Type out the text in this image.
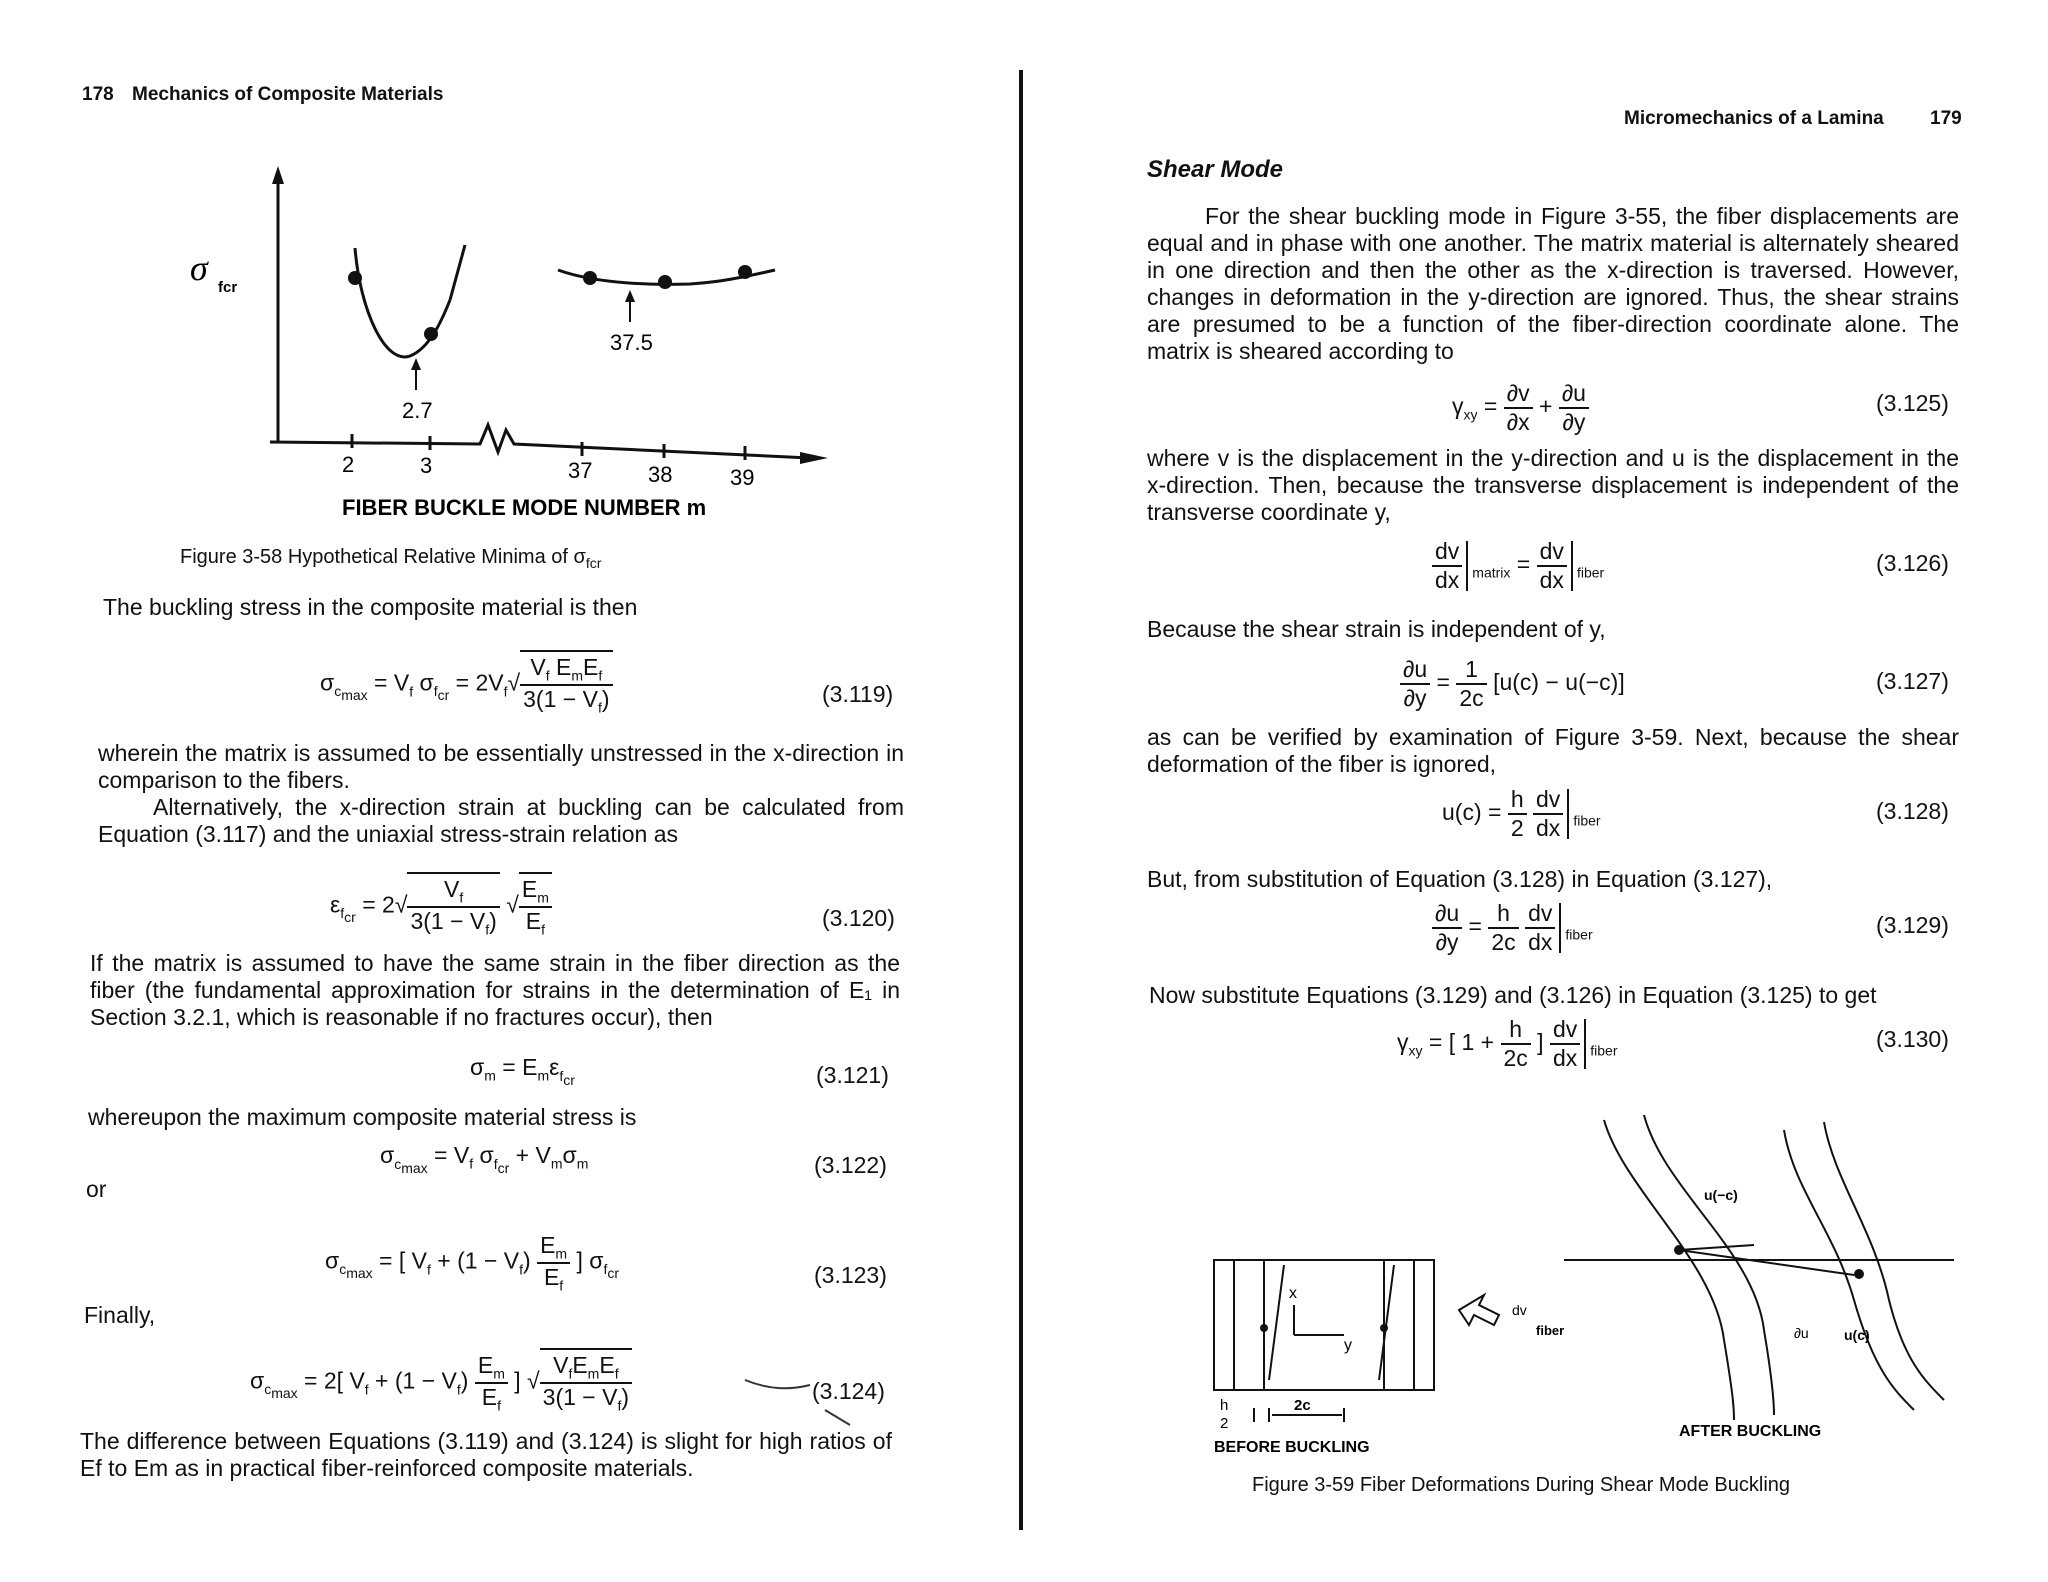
178 Mechanics of Composite Materials
2.7
37.5
2	3	37	38	39
FIBER BUCKLE MODE NUMBER m
σ fcr
Figure 3-58 Hypothetical Relative Minima of $\sigma_{fcr}$
The buckling stress in the composite material is then
$\sigma_{c_{max}} = V_f$ $\sigma_{f_{cr}} = 2V_f√ \frac{V_f E_mE_f}{3(1 - V_f)}$	(3.119)
wherein the matrix is assumed to be essentially unstressed in the x-direction in comparison to the fibers.
Alternatively, the x-direction strain at buckling can be calculated from Equation (3.117) and the uniaxial stress-strain relation as
$\varepsilon_{f_{cr}} = 2√ \frac{V_f}{3(1 - V_f)}$ √ $\frac{E_m}{E_f}$	(3.120)
If the matrix is assumed to have the same strain in the fiber direction as the fiber (the fundamental approximation for strains in the determination of E₁ in Section 3.2.1, which is reasonable if no fractures occur), then
$\sigma_m = E_m\varepsilon_{f_{cr}}$	(3.121)
whereupon the maximum composite material stress is
$\sigma_{c_{max}} = V_f$ $\sigma_{f_{cr}} + V_m\sigma_m$	(3.122)
or
$\sigma_{c_{max}}$ = [ $V_f + (1 - V_f) \frac{E_m}{E_f}$ ] $\sigma_{f_{cr}}$	(3.123)
Finally,
$\sigma_{c_{max}} = 2$[ $V_f + (1 - V_f) \frac{E_m}{E_f}$ ] √ $\frac{V_fE_mE_f}{3(1 - V_f)}$	(3.124)
The difference between Equations (3.119) and (3.124) is slight for high ratios of Ef to Em as in practical fiber-reinforced composite materials.
Micromechanics of a Lamina 179
Shear Mode
For the shear buckling mode in Figure 3-55, the fiber displacements are equal and in phase with one another. The matrix material is alternately sheared in one direction and then the other as the x-direction is traversed. However, changes in deformation in the y-direction are ignored. Thus, the shear strains are presumed to be a function of the fiber-direction coordinate alone. The matrix is sheared according to
$\gamma_{xy} = \frac{\partial v}{\partial x} + \frac{\partial u}{\partial y}$	(3.125)
where v is the displacement in the y-direction and u is the displacement in the x-direction. Then, because the transverse displacement is independent of the transverse coordinate y,
$\frac{dv}{dx} _{matrix} = \frac{dv}{dx} _{fiber}$	(3.126)
Because the shear strain is independent of y,
$\frac{\partial u}{\partial y} = \frac{1}{2c} [u(c) - u(-c)]$	(3.127)
as can be verified by examination of Figure 3-59. Next, because the shear deformation of the fiber is ignored,
$u(c) = \frac{h}{2}$
$\frac{dv}{dx} _{fiber}$	(3.128)
But, from substitution of Equation (3.128) in Equation (3.127),
$\frac{\partial u}{\partial y} = \frac{h}{2c}$
$\frac{dv}{dx} _{fiber}$	(3.129)
Now substitute Equations (3.129) and (3.126) in Equation (3.125) to get
$\gamma_{xy}$ = [ $1 + \frac{h}{2c}$ ] $\frac{dv}{dx} _{fiber}$	(3.130)
x
y
2c
h
2
BEFORE BUCKLING
dv
fiber
u(−c)
u(c)
∂u
AFTER BUCKLING
Figure 3-59 Fiber Deformations During Shear Mode Buckling
